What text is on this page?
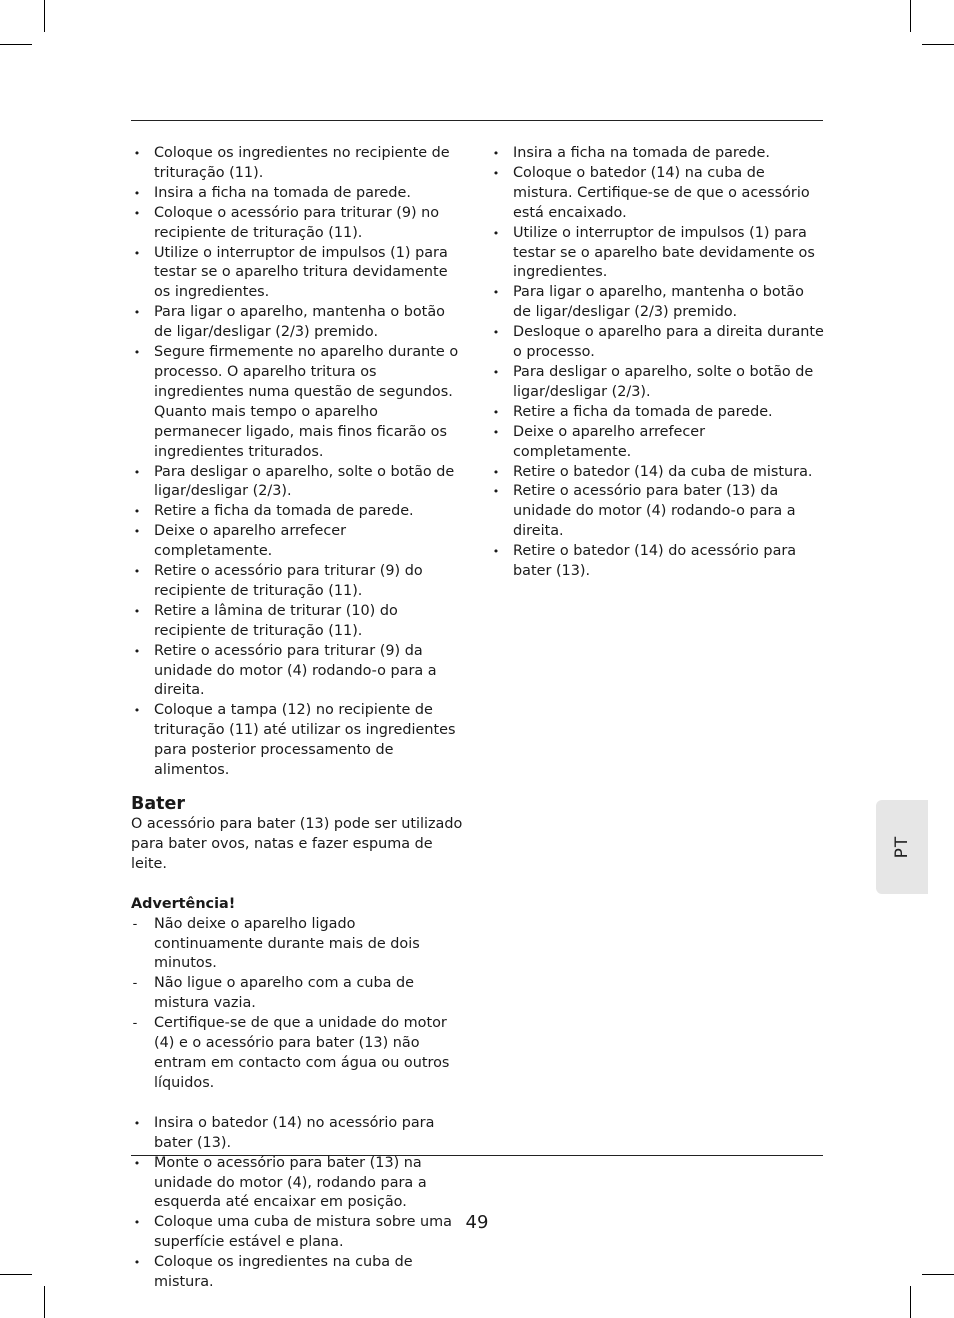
• Coloque os ingredientes no recipiente de trituração (11).
• Insira a ficha na tomada de parede.
• Coloque o acessório para triturar (9) no recipiente de trituração (11).
• Utilize o interruptor de impulsos (1) para testar se o aparelho tritura devidamente os ingredientes.
• Para ligar o aparelho, mantenha o botão de ligar/desligar (2/3) premido.
• Segure firmemente no aparelho durante o processo. O aparelho tritura os ingredientes numa questão de segundos. Quanto mais tempo o aparelho permanecer ligado, mais finos ficarão os ingredientes triturados.
• Para desligar o aparelho, solte o botão de ligar/desligar (2/3).
• Retire a ficha da tomada de parede.
• Deixe o aparelho arrefecer completamente.
• Retire o acessório para triturar (9) do recipiente de trituração (11).
• Retire a lâmina de triturar (10) do recipiente de trituração (11).
• Retire o acessório para triturar (9) da unidade do motor (4) rodando-o para a direita.
• Coloque a tampa (12) no recipiente de trituração (11) até utilizar os ingredientes para posterior processamento de alimentos.
Bater

O acessório para bater (13) pode ser utilizado para bater ovos, natas e fazer espuma de leite.

Advertência!
- Não deixe o aparelho ligado continuamente durante mais de dois minutos.
- Não ligue o aparelho com a cuba de mistura vazia.
- Certifique-se de que a unidade do motor (4) e o acessório para bater (13) não entram em contacto com água ou outros líquidos.
• Insira o batedor (14) no acessório para bater (13).
• Monte o acessório para bater (13) na unidade do motor (4), rodando para a esquerda até encaixar em posição.
• Coloque uma cuba de mistura sobre uma superfície estável e plana.
• Coloque os ingredientes na cuba de mistura.
• Insira a ficha na tomada de parede.
• Coloque o batedor (14) na cuba de mistura. Certifique-se de que o acessório está encaixado.
• Utilize o interruptor de impulsos (1) para testar se o aparelho bate devidamente os ingredientes.
• Para ligar o aparelho, mantenha o botão de ligar/desligar (2/3) premido.
• Desloque o aparelho para a direita durante o processo.
• Para desligar o aparelho, solte o botão de ligar/desligar (2/3).
• Retire a ficha da tomada de parede.
• Deixe o aparelho arrefecer completamente.
• Retire o batedor (14) da cuba de mistura.
• Retire o acessório para bater (13) da unidade do motor (4) rodando-o para a direita.
• Retire o batedor (14) do acessório para bater (13).
PT
49
